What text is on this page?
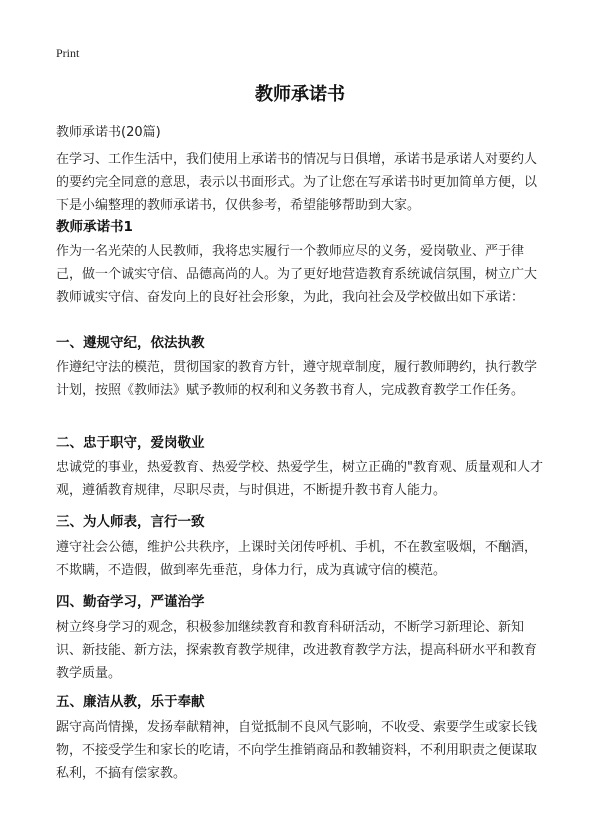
Print
教师承诺书
教师承诺书(20篇)
在学习、工作生活中，我们使用上承诺书的情况与日俱增，承诺书是承诺人对要约人的要约完全同意的意思，表示以书面形式。为了让您在写承诺书时更加简单方便，以下是小编整理的教师承诺书，仅供参考，希望能够帮助到大家。
教师承诺书1
作为一名光荣的人民教师，我将忠实履行一个教师应尽的义务，爱岗敬业、严于律己，做一个诚实守信、品德高尚的人。为了更好地营造教育系统诚信氛围，树立广大教师诚实守信、奋发向上的良好社会形象，为此，我向社会及学校做出如下承诺：
一、遵规守纪，依法执教
作遵纪守法的模范，贯彻国家的教育方针，遵守规章制度，履行教师聘约，执行教学计划，按照《教师法》赋予教师的权利和义务教书育人，完成教育教学工作任务。
二、忠于职守，爱岗敬业
忠诚党的事业，热爱教育、热爱学校、热爱学生，树立正确的"教育观、质量观和人才观，遵循教育规律，尽职尽责，与时俱进，不断提升教书育人能力。
三、为人师表，言行一致
遵守社会公德，维护公共秩序，上课时关闭传呼机、手机，不在教室吸烟，不酗酒，不欺瞒，不造假，做到率先垂范，身体力行，成为真诚守信的模范。
四、勤奋学习，严谨治学
树立终身学习的观念，积极参加继续教育和教育科研活动，不断学习新理论、新知识、新技能、新方法，探索教育教学规律，改进教育教学方法，提高科研水平和教育教学质量。
五、廉洁从教，乐于奉献
踞守高尚情操，发扬奉献精神，自觉抵制不良风气影响，不收受、索要学生或家长钱物，不接受学生和家长的吃请，不向学生推销商品和教辅资料，不利用职责之便谋取私利，不搞有偿家教。
